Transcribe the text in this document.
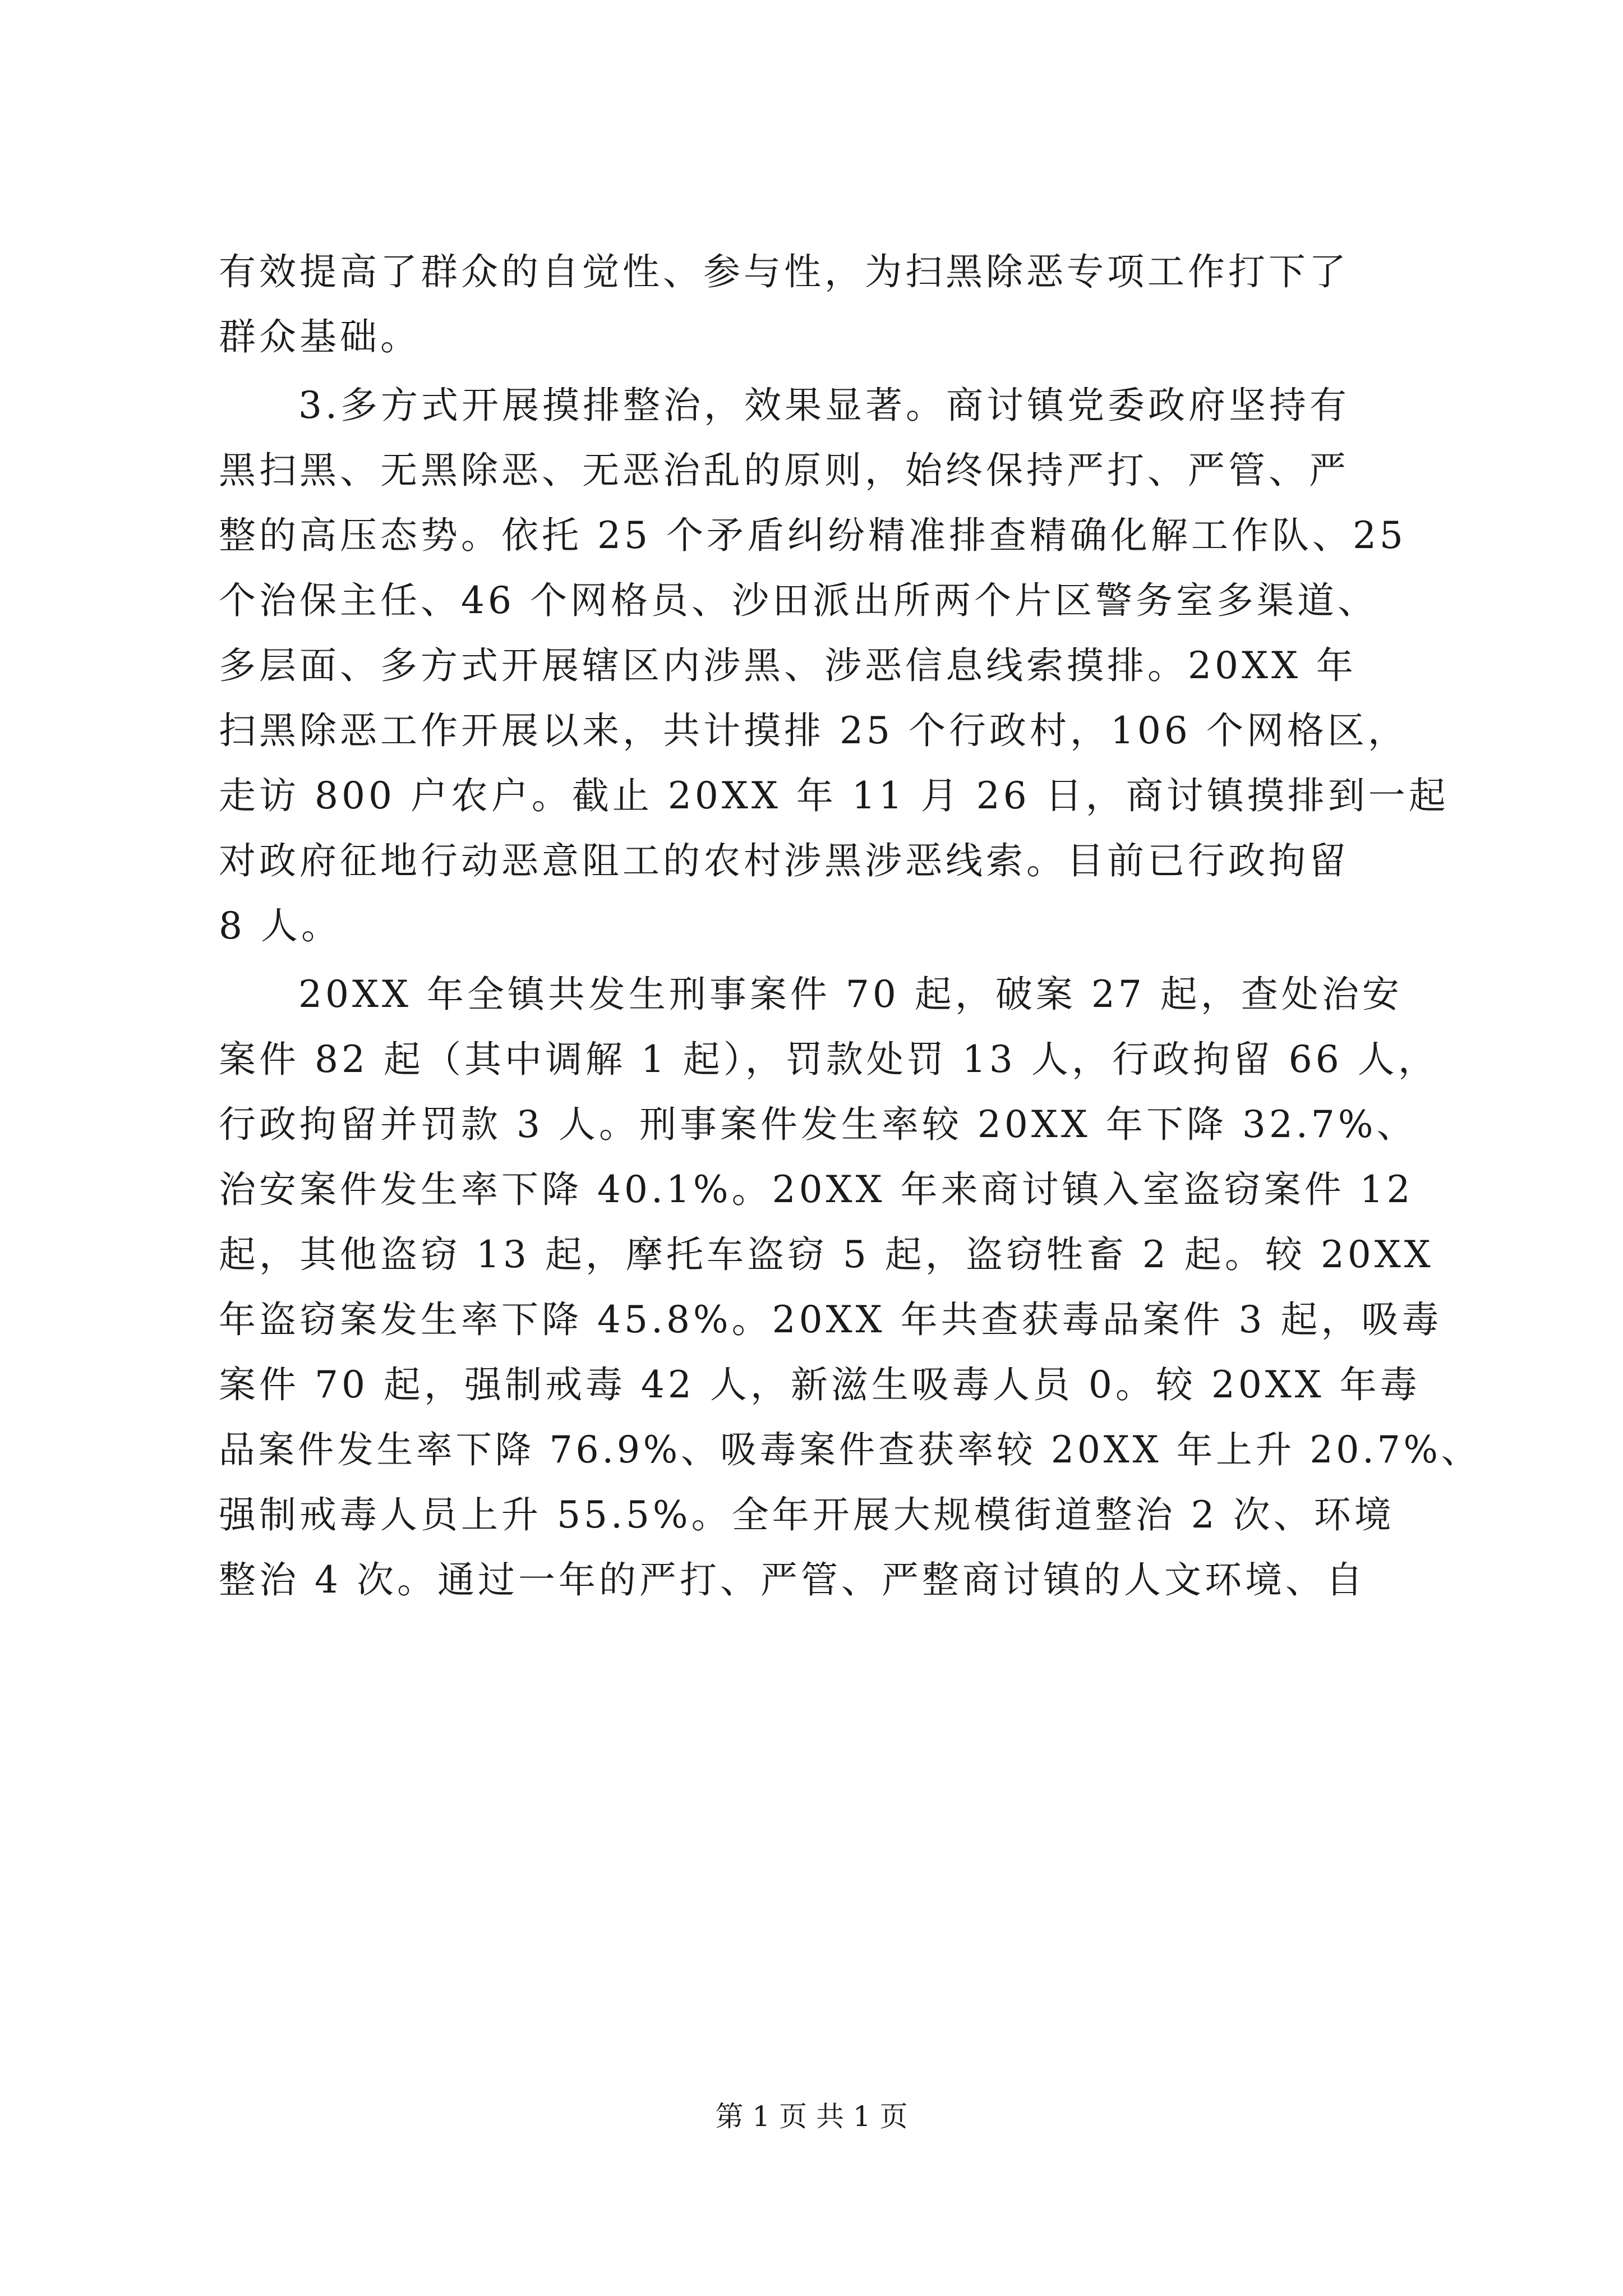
有效提高了群众的自觉性、参与性，为扫黑除恶专项工作打下了
群众基础。
3.多方式开展摸排整治，效果显著。商讨镇党委政府坚持有
黑扫黑、无黑除恶、无恶治乱的原则，始终保持严打、严管、严
整的高压态势。依托 25 个矛盾纠纷精准排查精确化解工作队、25
个治保主任、46 个网格员、沙田派出所两个片区警务室多渠道、
多层面、多方式开展辖区内涉黑、涉恶信息线索摸排。20XX 年
扫黑除恶工作开展以来，共计摸排 25 个行政村，106 个网格区，
走访 800 户农户。截止 20XX 年 11 月 26 日，商讨镇摸排到一起
对政府征地行动恶意阻工的农村涉黑涉恶线索。目前已行政拘留
8 人。
20XX 年全镇共发生刑事案件 70 起，破案 27 起，查处治安
案件 82 起（其中调解 1 起），罚款处罚 13 人，行政拘留 66 人，
行政拘留并罚款 3 人。刑事案件发生率较 20XX 年下降 32.7%、
治安案件发生率下降 40.1%。20XX 年来商讨镇入室盗窃案件 12
起，其他盗窃 13 起，摩托车盗窃 5 起，盗窃牲畜 2 起。较 20XX
年盗窃案发生率下降 45.8%。20XX 年共查获毒品案件 3 起，吸毒
案件 70 起，强制戒毒 42 人，新滋生吸毒人员 0。较 20XX 年毒
品案件发生率下降 76.9%、吸毒案件查获率较 20XX 年上升 20.7%、
强制戒毒人员上升 55.5%。全年开展大规模街道整治 2 次、环境
整治 4 次。通过一年的严打、严管、严整商讨镇的人文环境、自
第 1 页 共 1 页
